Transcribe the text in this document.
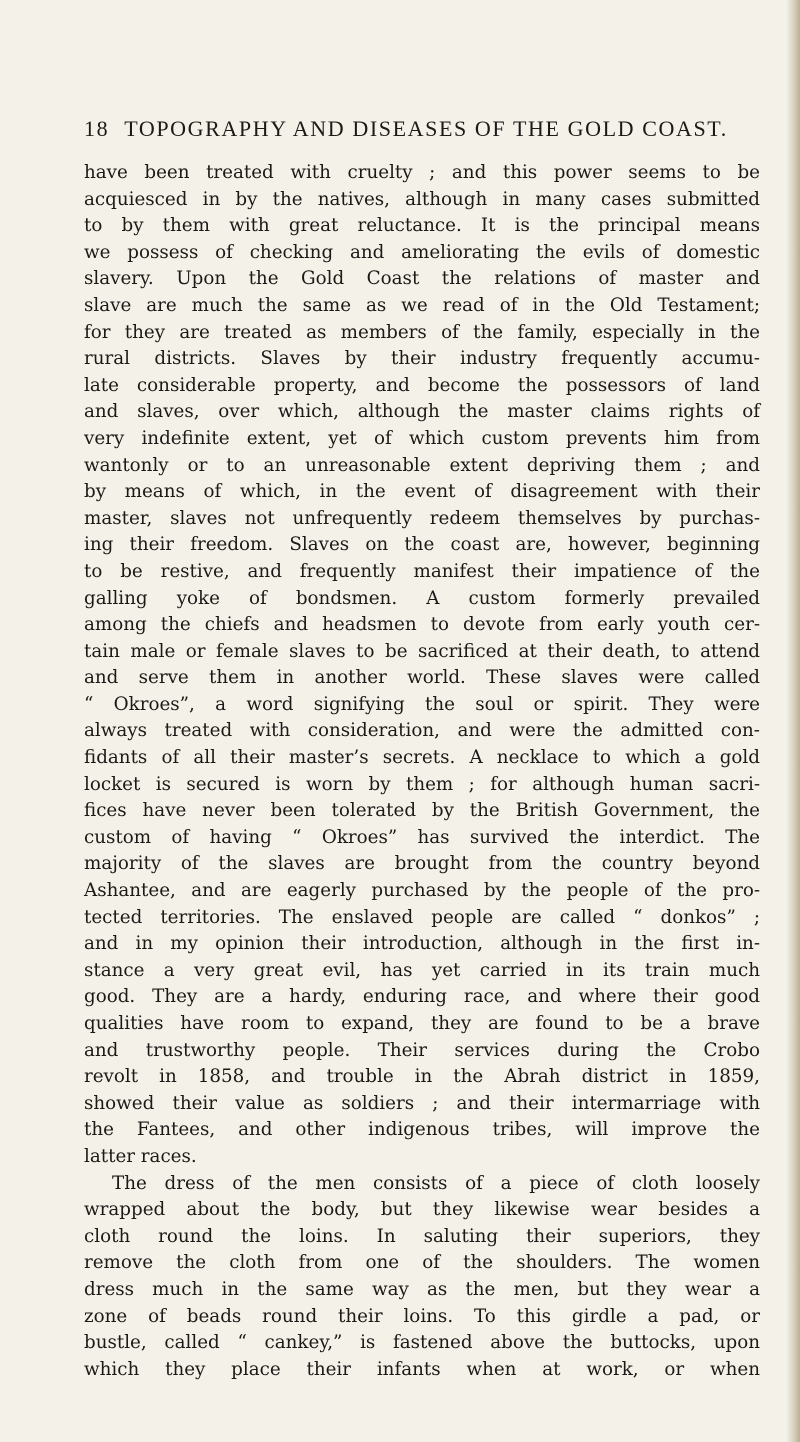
18 TOPOGRAPHY AND DISEASES OF THE GOLD COAST.
have been treated with cruelty ; and this power seems to be
acquiesced in by the natives, although in many cases submitted
to by them with great reluctance. It is the principal means
we possess of checking and ameliorating the evils of domestic
slavery. Upon the Gold Coast the relations of master and
slave are much the same as we read of in the Old Testament;
for they are treated as members of the family, especially in the
rural districts. Slaves by their industry frequently accumu-
late considerable property, and become the possessors of land
and slaves, over which, although the master claims rights of
very indefinite extent, yet of which custom prevents him from
wantonly or to an unreasonable extent depriving them ; and
by means of which, in the event of disagreement with their
master, slaves not unfrequently redeem themselves by purchas-
ing their freedom. Slaves on the coast are, however, beginning
to be restive, and frequently manifest their impatience of the
galling yoke of bondsmen. A custom formerly prevailed
among the chiefs and headsmen to devote from early youth cer-
tain male or female slaves to be sacrificed at their death, to attend
and serve them in another world. These slaves were called
“ Okroes”, a word signifying the soul or spirit. They were
always treated with consideration, and were the admitted con-
fidants of all their master’s secrets. A necklace to which a gold
locket is secured is worn by them ; for although human sacri-
fices have never been tolerated by the British Government, the
custom of having “ Okroes” has survived the interdict. The
majority of the slaves are brought from the country beyond
Ashantee, and are eagerly purchased by the people of the pro-
tected territories. The enslaved people are called “ donkos” ;
and in my opinion their introduction, although in the first in-
stance a very great evil, has yet carried in its train much
good. They are a hardy, enduring race, and where their good
qualities have room to expand, they are found to be a brave
and trustworthy people. Their services during the Crobo
revolt in 1858, and trouble in the Abrah district in 1859,
showed their value as soldiers ; and their intermarriage with
the Fantees, and other indigenous tribes, will improve the
latter races.
The dress of the men consists of a piece of cloth loosely
wrapped about the body, but they likewise wear besides a
cloth round the loins. In saluting their superiors, they
remove the cloth from one of the shoulders. The women
dress much in the same way as the men, but they wear a
zone of beads round their loins. To this girdle a pad, or
bustle, called “ cankey,” is fastened above the buttocks, upon
which they place their infants when at work, or when
